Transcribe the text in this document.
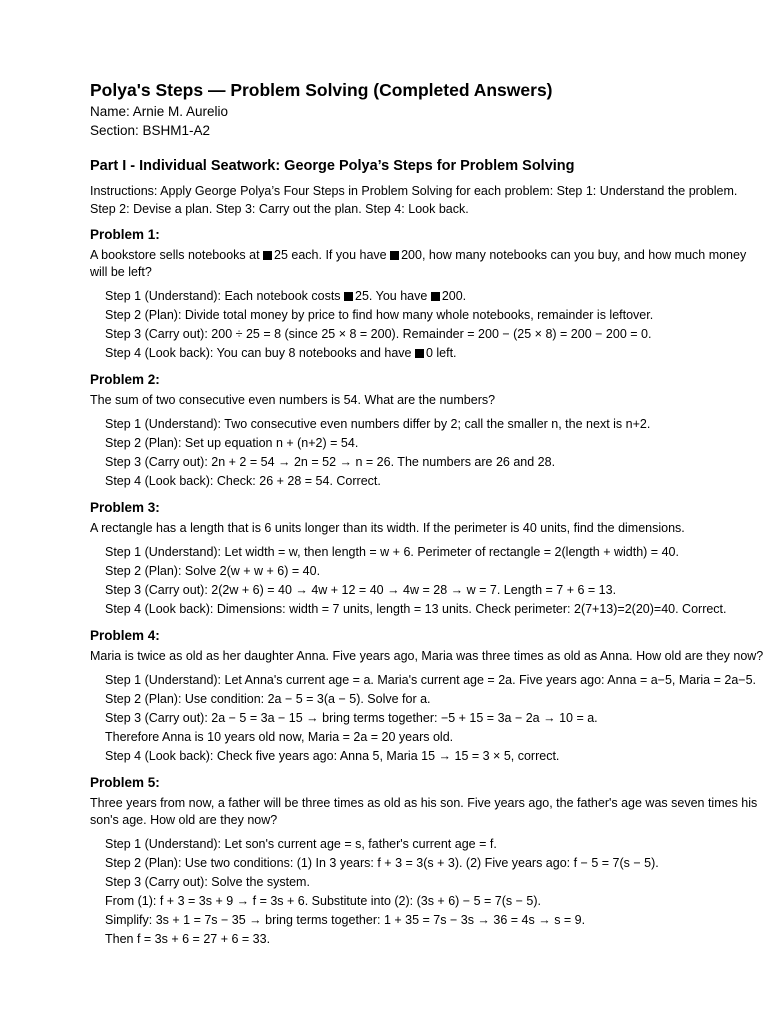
Polya's Steps — Problem Solving (Completed Answers)
Name: Arnie M. Aurelio
Section: BSHM1-A2
Part I - Individual Seatwork: George Polya’s Steps for Problem Solving
Instructions: Apply George Polya’s Four Steps in Problem Solving for each problem: Step 1: Understand the problem. Step 2: Devise a plan. Step 3: Carry out the plan. Step 4: Look back.
Problem 1:
A bookstore sells notebooks at 25 each. If you have 200, how many notebooks can you buy, and how much money will be left?
Step 1 (Understand): Each notebook costs 25. You have 200.
Step 2 (Plan): Divide total money by price to find how many whole notebooks, remainder is leftover.
Step 3 (Carry out): 200 ÷ 25 = 8 (since 25 × 8 = 200). Remainder = 200 − (25 × 8) = 200 − 200 = 0.
Step 4 (Look back): You can buy 8 notebooks and have 0 left.
Problem 2:
The sum of two consecutive even numbers is 54. What are the numbers?
Step 1 (Understand): Two consecutive even numbers differ by 2; call the smaller n, the next is n+2.
Step 2 (Plan): Set up equation n + (n+2) = 54.
Step 3 (Carry out): 2n + 2 = 54 → 2n = 52 → n = 26. The numbers are 26 and 28.
Step 4 (Look back): Check: 26 + 28 = 54. Correct.
Problem 3:
A rectangle has a length that is 6 units longer than its width. If the perimeter is 40 units, find the dimensions.
Step 1 (Understand): Let width = w, then length = w + 6. Perimeter of rectangle = 2(length + width) = 40.
Step 2 (Plan): Solve 2(w + w + 6) = 40.
Step 3 (Carry out): 2(2w + 6) = 40 → 4w + 12 = 40 → 4w = 28 → w = 7. Length = 7 + 6 = 13.
Step 4 (Look back): Dimensions: width = 7 units, length = 13 units. Check perimeter: 2(7+13)=2(20)=40. Correct.
Problem 4:
Maria is twice as old as her daughter Anna. Five years ago, Maria was three times as old as Anna. How old are they now?
Step 1 (Understand): Let Anna's current age = a. Maria's current age = 2a. Five years ago: Anna = a−5, Maria = 2a−5.
Step 2 (Plan): Use condition: 2a − 5 = 3(a − 5). Solve for a.
Step 3 (Carry out): 2a − 5 = 3a − 15 → bring terms together: −5 + 15 = 3a − 2a → 10 = a.
Therefore Anna is 10 years old now, Maria = 2a = 20 years old.
Step 4 (Look back): Check five years ago: Anna 5, Maria 15 → 15 = 3 × 5, correct.
Problem 5:
Three years from now, a father will be three times as old as his son. Five years ago, the father's age was seven times his son's age. How old are they now?
Step 1 (Understand): Let son's current age = s, father's current age = f.
Step 2 (Plan): Use two conditions: (1) In 3 years: f + 3 = 3(s + 3). (2) Five years ago: f − 5 = 7(s − 5).
Step 3 (Carry out): Solve the system.
From (1): f + 3 = 3s + 9 → f = 3s + 6. Substitute into (2): (3s + 6) − 5 = 7(s − 5).
Simplify: 3s + 1 = 7s − 35 → bring terms together: 1 + 35 = 7s − 3s → 36 = 4s → s = 9.
Then f = 3s + 6 = 27 + 6 = 33.
